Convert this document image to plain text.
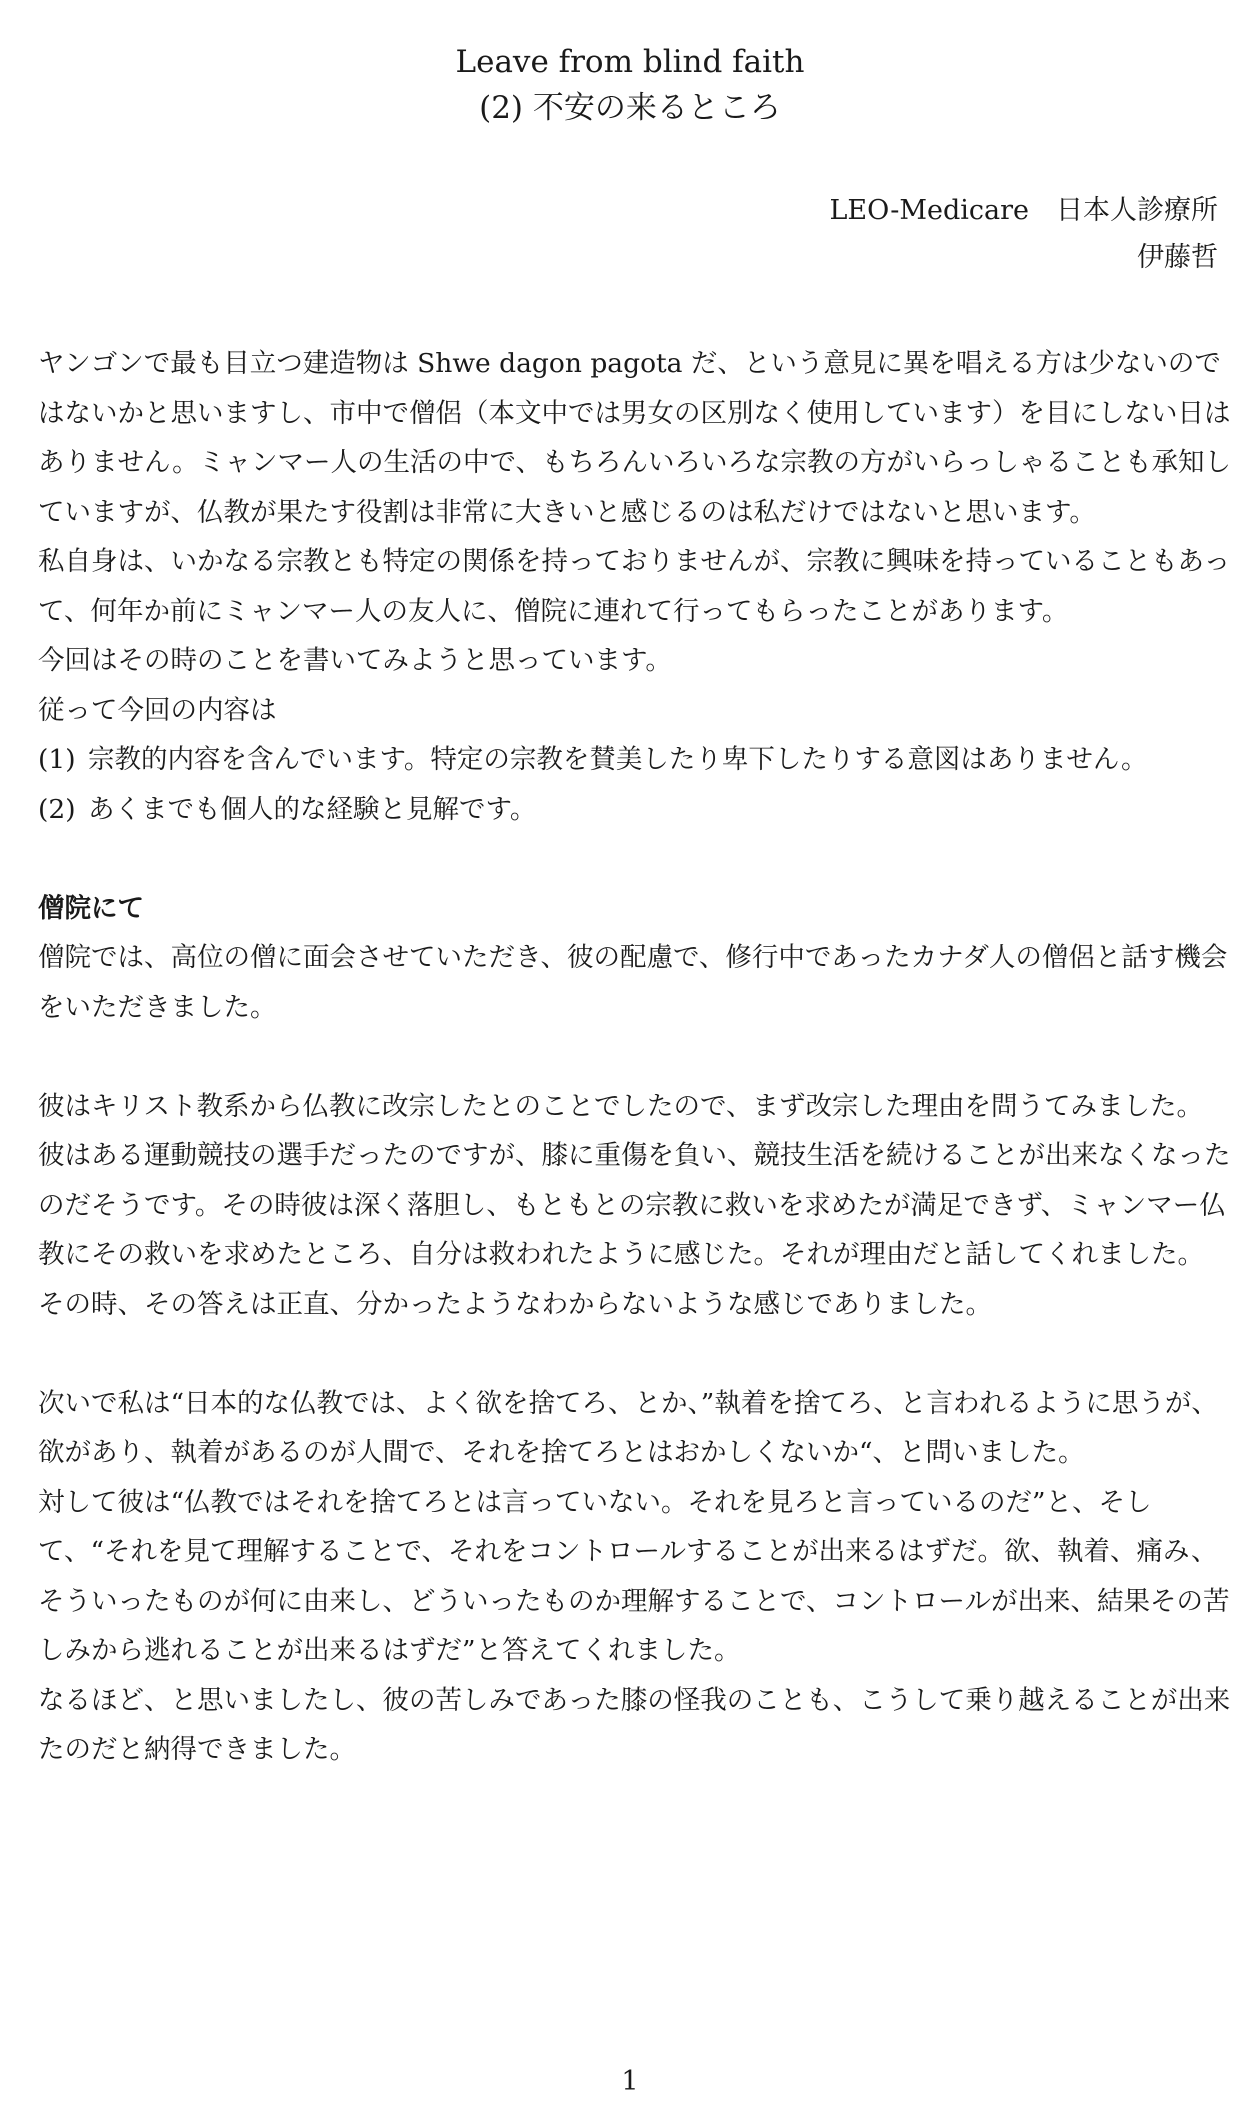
Leave from blind faith
(2) 不安の来るところ
LEO-Medicare　日本人診療所
伊藤哲

ヤンゴンで最も目立つ建造物は Shwe dagon pagota だ、という意見に異を唱える方は少ないのではないかと思いますし、市中で僧侶（本文中では男女の区別なく使用しています）を目にしない日はありません。ミャンマー人の生活の中で、もちろんいろいろな宗教の方がいらっしゃることも承知していますが、仏教が果たす役割は非常に大きいと感じるのは私だけではないと思います。

私自身は、いかなる宗教とも特定の関係を持っておりませんが、宗教に興味を持っていることもあって、何年か前にミャンマー人の友人に、僧院に連れて行ってもらったことがあります。

今回はその時のことを書いてみようと思っています。

従って今回の内容は

(1) 宗教的内容を含んでいます。特定の宗教を賛美したり卑下したりする意図はありません。

(2) あくまでも個人的な経験と見解です。

僧院にて

僧院では、高位の僧に面会させていただき、彼の配慮で、修行中であったカナダ人の僧侶と話す機会をいただきました。

彼はキリスト教系から仏教に改宗したとのことでしたので、まず改宗した理由を問うてみました。

彼はある運動競技の選手だったのですが、膝に重傷を負い、競技生活を続けることが出来なくなったのだそうです。その時彼は深く落胆し、もともとの宗教に救いを求めたが満足できず、ミャンマー仏教にその救いを求めたところ、自分は救われたように感じた。それが理由だと話してくれました。

その時、その答えは正直、分かったようなわからないような感じでありました。

次いで私は“日本的な仏教では、よく欲を捨てろ、とか、”執着を捨てろ、と言われるように思うが、欲があり、執着があるのが人間で、それを捨てろとはおかしくないか“、と問いました。

対して彼は“仏教ではそれを捨てろとは言っていない。それを見ろと言っているのだ”と、そして、“それを見て理解することで、それをコントロールすることが出来るはずだ。欲、執着、痛み、そういったものが何に由来し、どういったものか理解することで、コントロールが出来、結果その苦しみから逃れることが出来るはずだ”と答えてくれました。

なるほど、と思いましたし、彼の苦しみであった膝の怪我のことも、こうして乗り越えることが出来たのだと納得できました。

1
